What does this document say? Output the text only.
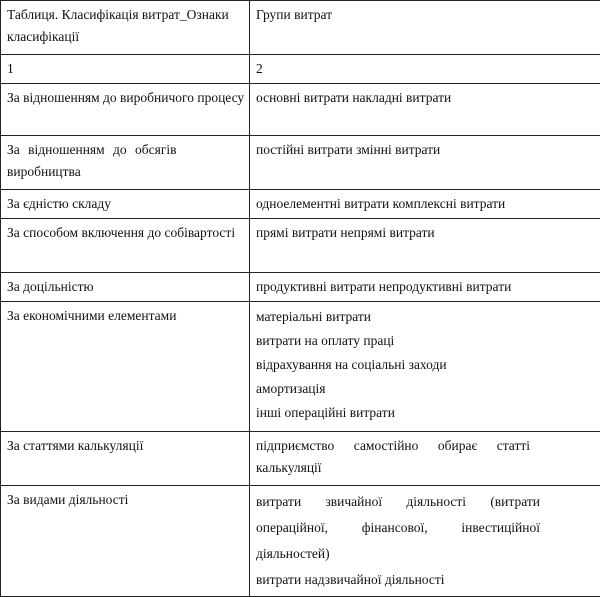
Таблиця. Класифікація витрат_Ознаки класифікації	Групи витрат
1	2
За відношенням до виробничого процесу	основні витрати накладні витрати

За відношенням до обсягів виробництва	постійні витрати змінні витрати

За єдністю складу	одноелементні витрати комплексні витрати

За способом включення до собівартості	прямі витрати непрямі витрати

За доцільністю	продуктивні витрати непродуктивні витрати

За економічними елементами	матеріальні витрати
витрати на оплату праці
відрахування на соціальні заходи
амортизація
інші операційні витрати

За статтями калькуляції	підприємство самостійно обирає статті калькуляції

За видами діяльності	витрати звичайної діяльності (витрати операційної, фінансової, інвестиційної діяльностей)
витрати надзвичайної діяльності
